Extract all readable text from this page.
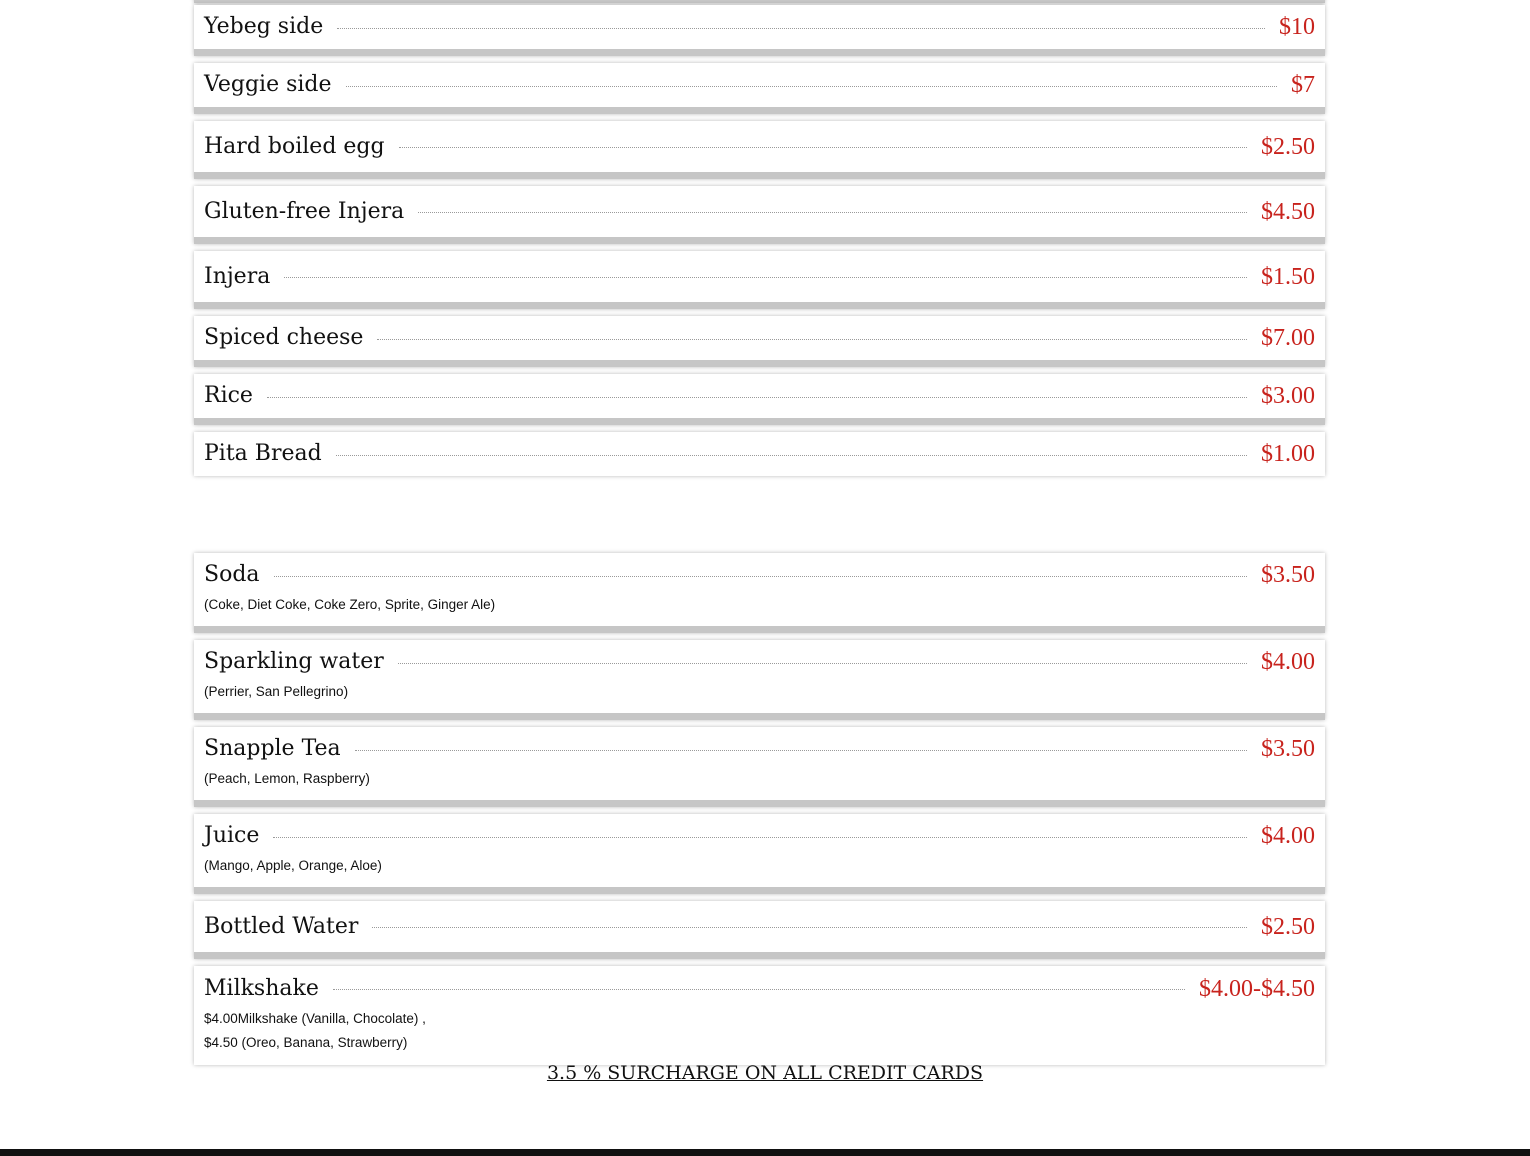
Yebeg side	$10
Veggie side	$7
Hard boiled egg	$2.50
Gluten-free Injera	$4.50
Injera	$1.50
Spiced cheese	$7.00
Rice	$3.00
Pita Bread	$1.00
Soda	$3.50
(Coke, Diet Coke, Coke Zero, Sprite, Ginger Ale)
Sparkling water	$4.00
(Perrier, San Pellegrino)
Snapple Tea	$3.50
(Peach, Lemon, Raspberry)
Juice	$4.00
(Mango, Apple, Orange, Aloe)
Bottled Water	$2.50
Milkshake	$4.00-$4.50
$4.00Milkshake (Vanilla, Chocolate) ,
$4.50 (Oreo, Banana, Strawberry)
3.5 % SURCHARGE ON ALL CREDIT CARDS
